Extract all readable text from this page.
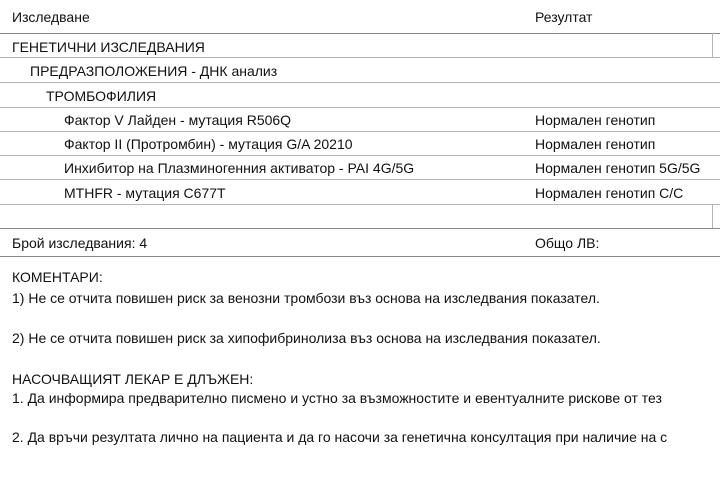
Изследване	Резултат
ГЕНЕТИЧНИ ИЗСЛЕДВАНИЯ
ПРЕДРАЗПОЛОЖЕНИЯ - ДНК анализ
ТРОМБОФИЛИЯ
Фактор V Лайден - мутация R506Q	Нормален генотип
Фактор II (Протромбин) - мутация G/A 20210	Нормален генотип
Инхибитор на Плазминогенния активатор - PAI 4G/5G	Нормален генотип 5G/5G
MTHFR - мутация C677T	Нормален генотип C/C
Брой изследвания: 4	Общо ЛВ:
КОМЕНТАРИ:
1) Не се отчита повишен риск за венозни тромбози въз основа на изследвания показател.
2) Не се отчита повишен риск за хипофибринолиза въз основа на изследвания показател.
НАСОЧВАЩИЯТ ЛЕКАР Е ДЛЪЖЕН:
1. Да информира предварително писмено и устно за възможностите и евентуалните рискове от тез
2. Да връчи резултата лично на пациента и да го насочи за генетична консултация при наличие на с
